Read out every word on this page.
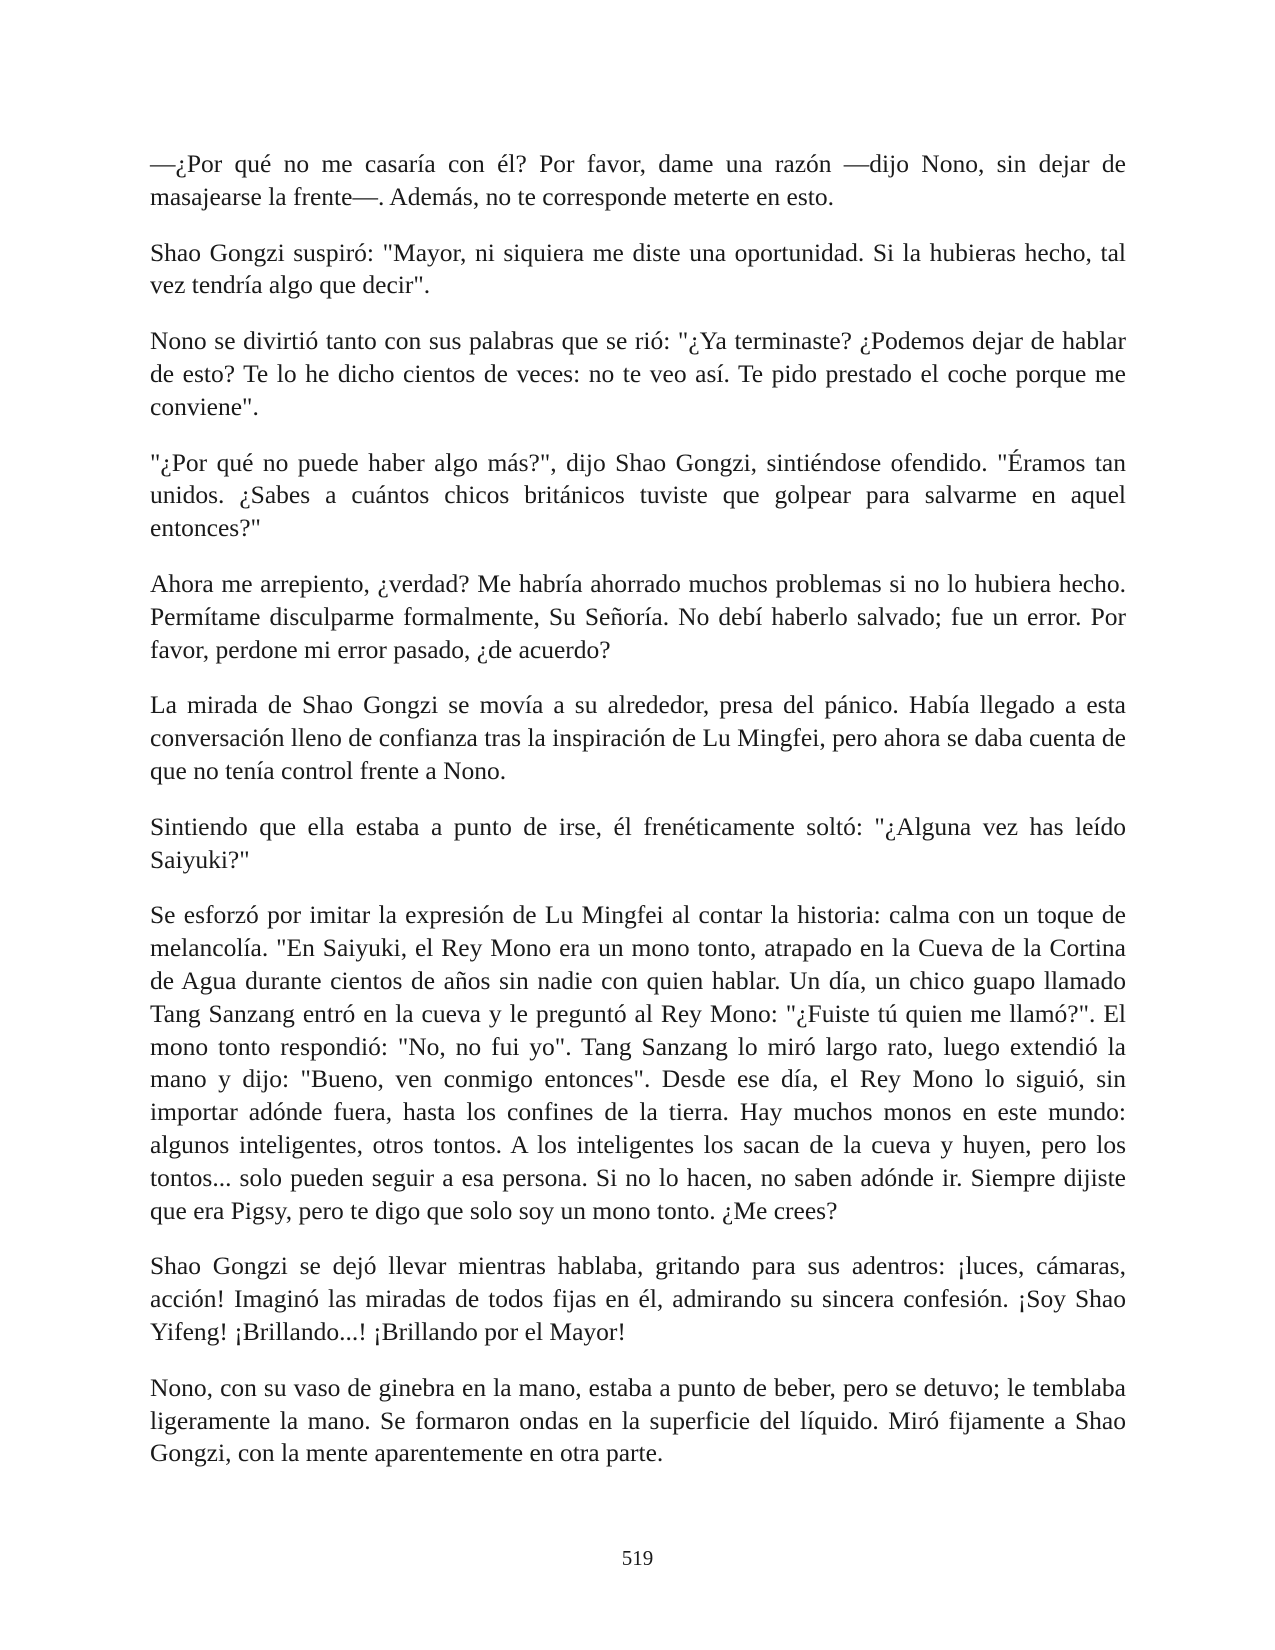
—¿Por qué no me casaría con él? Por favor, dame una razón —dijo Nono, sin dejar de masajearse la frente—. Además, no te corresponde meterte en esto.

Shao Gongzi suspiró: "Mayor, ni siquiera me diste una oportunidad. Si la hubieras hecho, tal vez tendría algo que decir".

Nono se divirtió tanto con sus palabras que se rió: "¿Ya terminaste? ¿Podemos dejar de hablar de esto? Te lo he dicho cientos de veces: no te veo así. Te pido prestado el coche porque me conviene".

"¿Por qué no puede haber algo más?", dijo Shao Gongzi, sintiéndose ofendido. "Éramos tan unidos. ¿Sabes a cuántos chicos británicos tuviste que golpear para salvarme en aquel entonces?"

Ahora me arrepiento, ¿verdad? Me habría ahorrado muchos problemas si no lo hubiera hecho. Permítame disculparme formalmente, Su Señoría. No debí haberlo salvado; fue un error. Por favor, perdone mi error pasado, ¿de acuerdo?

La mirada de Shao Gongzi se movía a su alrededor, presa del pánico. Había llegado a esta conversación lleno de confianza tras la inspiración de Lu Mingfei, pero ahora se daba cuenta de que no tenía control frente a Nono.

Sintiendo que ella estaba a punto de irse, él frenéticamente soltó: "¿Alguna vez has leído Saiyuki?"

Se esforzó por imitar la expresión de Lu Mingfei al contar la historia: calma con un toque de melancolía. "En Saiyuki, el Rey Mono era un mono tonto, atrapado en la Cueva de la Cortina de Agua durante cientos de años sin nadie con quien hablar. Un día, un chico guapo llamado Tang Sanzang entró en la cueva y le preguntó al Rey Mono: "¿Fuiste tú quien me llamó?". El mono tonto respondió: "No, no fui yo". Tang Sanzang lo miró largo rato, luego extendió la mano y dijo: "Bueno, ven conmigo entonces". Desde ese día, el Rey Mono lo siguió, sin importar adónde fuera, hasta los confines de la tierra. Hay muchos monos en este mundo: algunos inteligentes, otros tontos. A los inteligentes los sacan de la cueva y huyen, pero los tontos... solo pueden seguir a esa persona. Si no lo hacen, no saben adónde ir. Siempre dijiste que era Pigsy, pero te digo que solo soy un mono tonto. ¿Me crees?

Shao Gongzi se dejó llevar mientras hablaba, gritando para sus adentros: ¡luces, cámaras, acción! Imaginó las miradas de todos fijas en él, admirando su sincera confesión. ¡Soy Shao Yifeng! ¡Brillando...! ¡Brillando por el Mayor!

Nono, con su vaso de ginebra en la mano, estaba a punto de beber, pero se detuvo; le temblaba ligeramente la mano. Se formaron ondas en la superficie del líquido. Miró fijamente a Shao Gongzi, con la mente aparentemente en otra parte.

519
